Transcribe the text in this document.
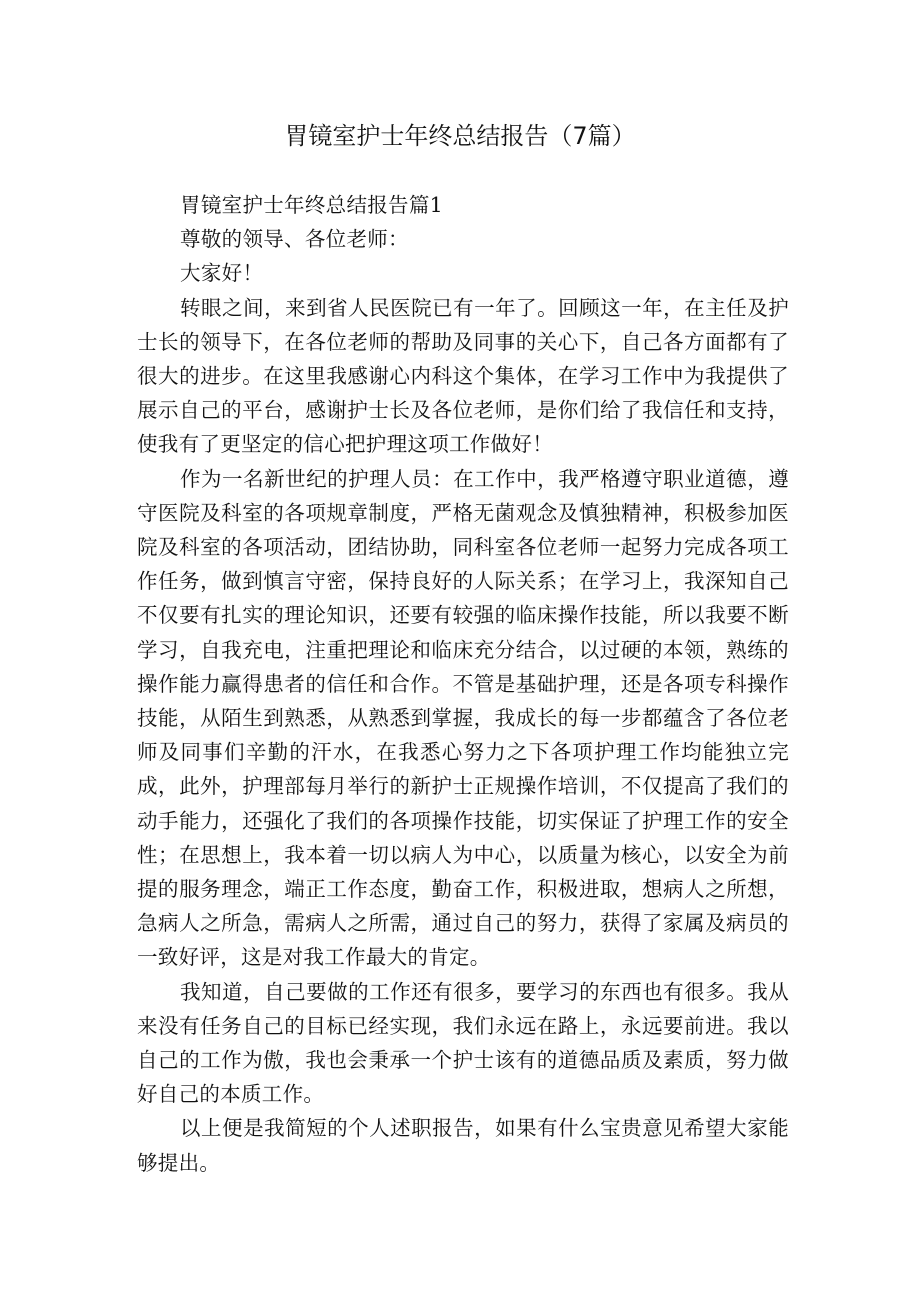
胃镜室护士年终总结报告（7篇）

胃镜室护士年终总结报告篇1

尊敬的领导、各位老师：

大家好！

转眼之间，来到省人民医院已有一年了。回顾这一年，在主任及护士长的领导下，在各位老师的帮助及同事的关心下，自己各方面都有了很大的进步。在这里我感谢心内科这个集体，在学习工作中为我提供了展示自己的平台，感谢护士长及各位老师，是你们给了我信任和支持，使我有了更坚定的信心把护理这项工作做好！

作为一名新世纪的护理人员：在工作中，我严格遵守职业道德，遵守医院及科室的各项规章制度，严格无菌观念及慎独精神，积极参加医院及科室的各项活动，团结协助，同科室各位老师一起努力完成各项工作任务，做到慎言守密，保持良好的人际关系；在学习上，我深知自己不仅要有扎实的理论知识，还要有较强的临床操作技能，所以我要不断学习，自我充电，注重把理论和临床充分结合，以过硬的本领，熟练的操作能力赢得患者的信任和合作。不管是基础护理，还是各项专科操作技能，从陌生到熟悉，从熟悉到掌握，我成长的每一步都蕴含了各位老师及同事们辛勤的汗水，在我悉心努力之下各项护理工作均能独立完成，此外，护理部每月举行的新护士正规操作培训，不仅提高了我们的动手能力，还强化了我们的各项操作技能，切实保证了护理工作的安全性；在思想上，我本着一切以病人为中心，以质量为核心，以安全为前提的服务理念，端正工作态度，勤奋工作，积极进取，想病人之所想，急病人之所急，需病人之所需，通过自己的努力，获得了家属及病员的一致好评，这是对我工作最大的肯定。

我知道，自己要做的工作还有很多，要学习的东西也有很多。我从来没有任务自己的目标已经实现，我们永远在路上，永远要前进。我以自己的工作为傲，我也会秉承一个护士该有的道德品质及素质，努力做好自己的本质工作。

以上便是我简短的个人述职报告，如果有什么宝贵意见希望大家能够提出。
